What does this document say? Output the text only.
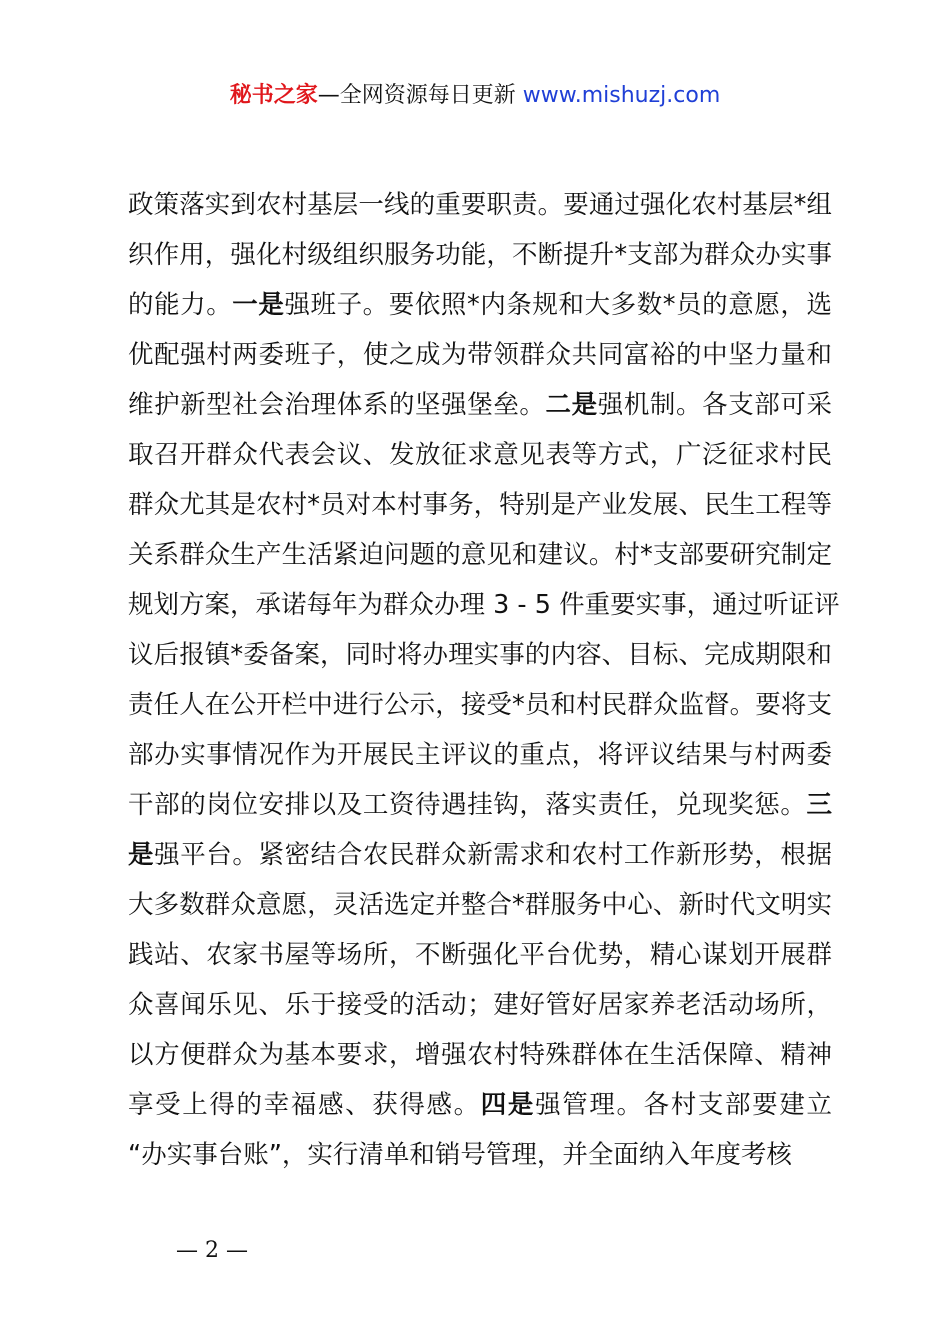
秘书之家—全网资源每日更新 www.mishuzj.com
政策落实到农村基层一线的重要职责。要通过强化农村基层*组
织作用，强化村级组织服务功能，不断提升*支部为群众办实事
的能力。一是强班子。要依照*内条规和大多数*员的意愿，选
优配强村两委班子，使之成为带领群众共同富裕的中坚力量和
维护新型社会治理体系的坚强堡垒。二是强机制。各支部可采
取召开群众代表会议、发放征求意见表等方式，广泛征求村民
群众尤其是农村*员对本村事务，特别是产业发展、民生工程等
关系群众生产生活紧迫问题的意见和建议。村*支部要研究制定
规划方案，承诺每年为群众办理 3 - 5 件重要实事，通过听证评
议后报镇*委备案，同时将办理实事的内容、目标、完成期限和
责任人在公开栏中进行公示，接受*员和村民群众监督。要将支
部办实事情况作为开展民主评议的重点，将评议结果与村两委
干部的岗位安排以及工资待遇挂钩，落实责任，兑现奖惩。三
是强平台。紧密结合农民群众新需求和农村工作新形势，根据
大多数群众意愿，灵活选定并整合*群服务中心、新时代文明实
践站、农家书屋等场所，不断强化平台优势，精心谋划开展群
众喜闻乐见、乐于接受的活动；建好管好居家养老活动场所，
以方便群众为基本要求，增强农村特殊群体在生活保障、精神
享受上得的幸福感、获得感。四是强管理。各村支部要建立
“办实事台账”，实行清单和销号管理，并全面纳入年度考核
— 2 —
